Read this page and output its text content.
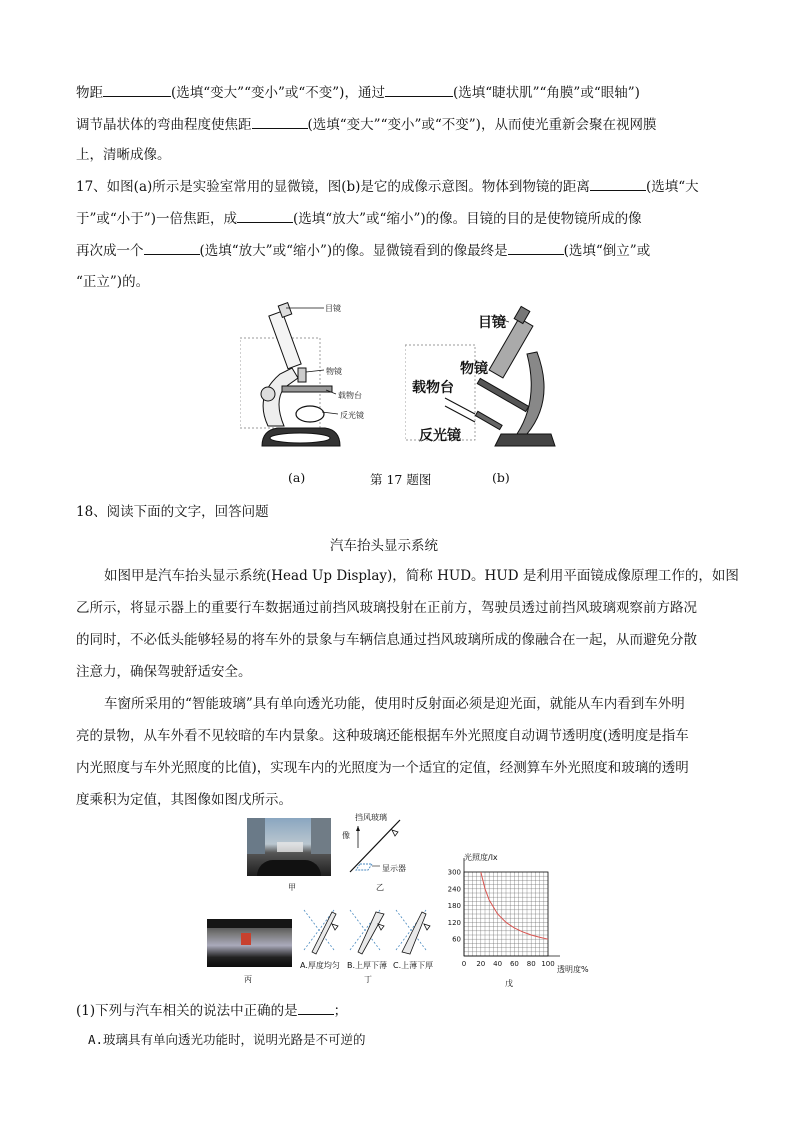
物距	(选填“变大”“变小”或“不变”)，通过	(选填“睫状肌”“角膜”或“眼轴”)
调节晶状体的弯曲程度使焦距	(选填“变大”“变小”或“不变”)，从而使光重新会聚在视网膜
上，清晰成像。
17、如图(a)所示是实验室常用的显微镜，图(b)是它的成像示意图。物体到物镜的距离	(选填“大
于”或“小于”)一倍焦距，成	(选填“放大”或“缩小”)的像。目镜的目的是使物镜所成的像
再次成一个	(选填“放大”或“缩小”)的像。显微镜看到的像最终是	(选填“倒立”或
“正立”)的。
目镜
物镜
载物台
反光镜
目镜
物镜
载物台
反光镜
(a)	第 17 题图	(b)
18、阅读下面的文字，回答问题
汽车抬头显示系统
如图甲是汽车抬头显示系统(Head Up Display)，简称 HUD。HUD 是利用平面镜成像原理工作的，如图
乙所示，将显示器上的重要行车数据通过前挡风玻璃投射在正前方，驾驶员透过前挡风玻璃观察前方路况
的同时，不必低头能够轻易的将车外的景象与车辆信息通过挡风玻璃所成的像融合在一起，从而避免分散
注意力，确保驾驶舒适安全。
车窗所采用的“智能玻璃”具有单向透光功能，使用时反射面必须是迎光面，就能从车内看到车外明
亮的景物，从车外看不见较暗的车内景象。这种玻璃还能根据车外光照度自动调节透明度(透明度是指车
内光照度与车外光照度的比值)，实现车内的光照度为一个适宜的定值，经测算车外光照度和玻璃的透明
度乘积为定值，其图像如图戊所示。
甲
挡风玻璃
像
显示器
乙
丙
A.厚度均匀 B.上厚下薄 C.上薄下厚
丁
0 20 40 60 80 100
60
120
180
240
300
光照度/lx
透明度%
戊
(1)下列与汽车相关的说法中正确的是	；
A.玻璃具有单向透光功能时，说明光路是不可逆的
